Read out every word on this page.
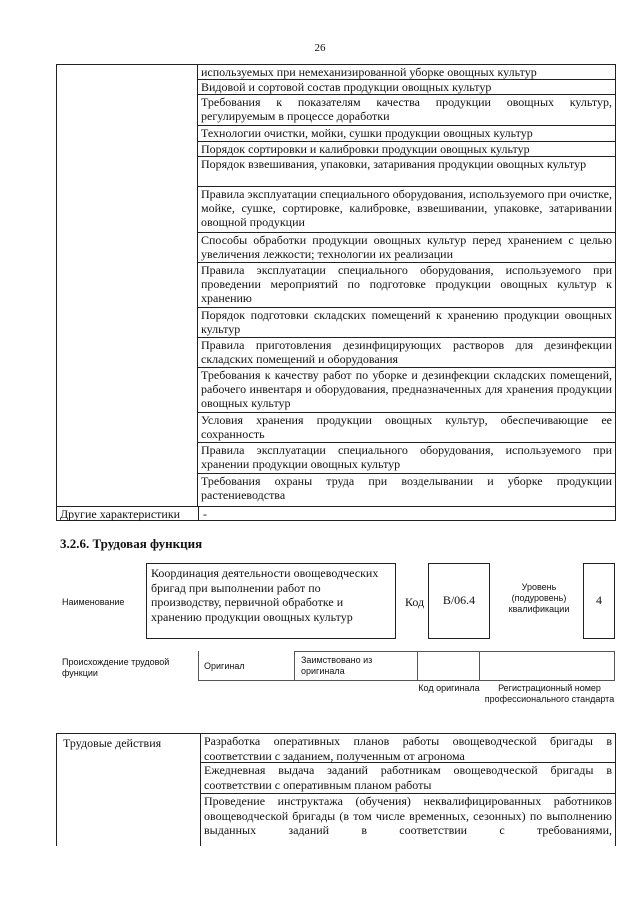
26
используемых при немеханизированной уборке овощных культур
Видовой и сортовой состав продукции овощных культур
Требования к показателям качества продукции овощных культур, регулируемым в процессе доработки
Технологии очистки, мойки, сушки продукции овощных культур
Порядок сортировки и калибровки продукции овощных культур
Порядок взвешивания, упаковки, затаривания продукции овощных культур
Правила эксплуатации специального оборудования, используемого при очистке, мойке, сушке, сортировке, калибровке, взвешивании, упаковке, затаривании овощной продукции
Способы обработки продукции овощных культур перед хранением с целью увеличения лежкости; технологии их реализации
Правила эксплуатации специального оборудования, используемого при проведении мероприятий по подготовке продукции овощных культур к хранению
Порядок подготовки складских помещений к хранению продукции овощных культур
Правила приготовления дезинфицирующих растворов для дезинфекции складских помещений и оборудования
Требования к качеству работ по уборке и дезинфекции складских помещений, рабочего инвентаря и оборудования, предназначенных для хранения продукции овощных культур
Условия хранения продукции овощных культур, обеспечивающие ее сохранность
Правила эксплуатации специального оборудования, используемого при хранении продукции овощных культур
Требования охраны труда при возделывании и уборке продукции растениеводства
Другие характеристики	-
3.2.6. Трудовая функция
Наименование
Координация деятельности овощеводческих бригад при выполнении работ по производству, первичной обработке и хранению продукции овощных культур
Код	B/06.4
Уровень (подуровень) квалификации
4
Происхождение трудовой функции
Оригинал
Заимствовано из оригинала
Код оригинала	Регистрационный номер профессионального стандарта
Трудовые действия	Разработка оперативных планов работы овощеводческой бригады в соответствии с заданием, полученным от агронома
Ежедневная выдача заданий работникам овощеводческой бригады в соответствии с оперативным планом работы
Проведение инструктажа (обучения) неквалифицированных работников овощеводческой бригады (в том числе временных, сезонных) по выполнению выданных заданий в соответствии с требованиями,
